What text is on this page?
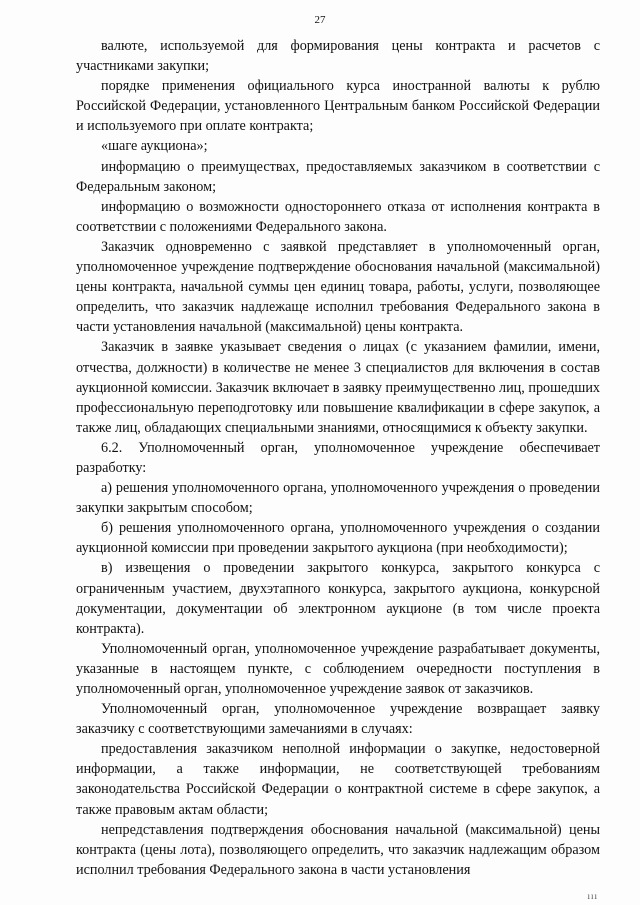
27

валюте, используемой для формирования цены контракта и расчетов с участниками закупки;

порядке применения официального курса иностранной валюты к рублю Российской Федерации, установленного Центральным банком Российской Федерации и используемого при оплате контракта;

«шаге аукциона»;

информацию о преимуществах, предоставляемых заказчиком в соответствии с Федеральным законом;

информацию о возможности одностороннего отказа от исполнения контракта в соответствии с положениями Федерального закона.

Заказчик одновременно с заявкой представляет в уполномоченный орган, уполномоченное учреждение подтверждение обоснования начальной (максимальной) цены контракта, начальной суммы цен единиц товара, работы, услуги, позволяющее определить, что заказчик надлежаще исполнил требования Федерального закона в части установления начальной (максимальной) цены контракта.

Заказчик в заявке указывает сведения о лицах (с указанием фамилии, имени, отчества, должности) в количестве не менее 3 специалистов для включения в состав аукционной комиссии. Заказчик включает в заявку преимущественно лиц, прошедших профессиональную переподготовку или повышение квалификации в сфере закупок, а также лиц, обладающих специальными знаниями, относящимися к объекту закупки.

6.2. Уполномоченный орган, уполномоченное учреждение обеспечивает разработку:

а) решения уполномоченного органа, уполномоченного учреждения о проведении закупки закрытым способом;

б) решения уполномоченного органа, уполномоченного учреждения о создании аукционной комиссии при проведении закрытого аукциона (при необходимости);

в) извещения о проведении закрытого конкурса, закрытого конкурса с ограниченным участием, двухэтапного конкурса, закрытого аукциона, конкурсной документации, документации об электронном аукционе (в том числе проекта контракта).

Уполномоченный орган, уполномоченное учреждение разрабатывает документы, указанные в настоящем пункте, с соблюдением очередности поступления в уполномоченный орган, уполномоченное учреждение заявок от заказчиков.

Уполномоченный орган, уполномоченное учреждение возвращает заявку заказчику с соответствующими замечаниями в случаях:

предоставления заказчиком неполной информации о закупке, недостоверной информации, а также информации, не соответствующей требованиям законодательства Российской Федерации о контрактной системе в сфере закупок, а также правовым актам области;

непредставления подтверждения обоснования начальной (максимальной) цены контракта (цены лота), позволяющего определить, что заказчик надлежащим образом исполнил требования Федерального закона в части установления

ııı
